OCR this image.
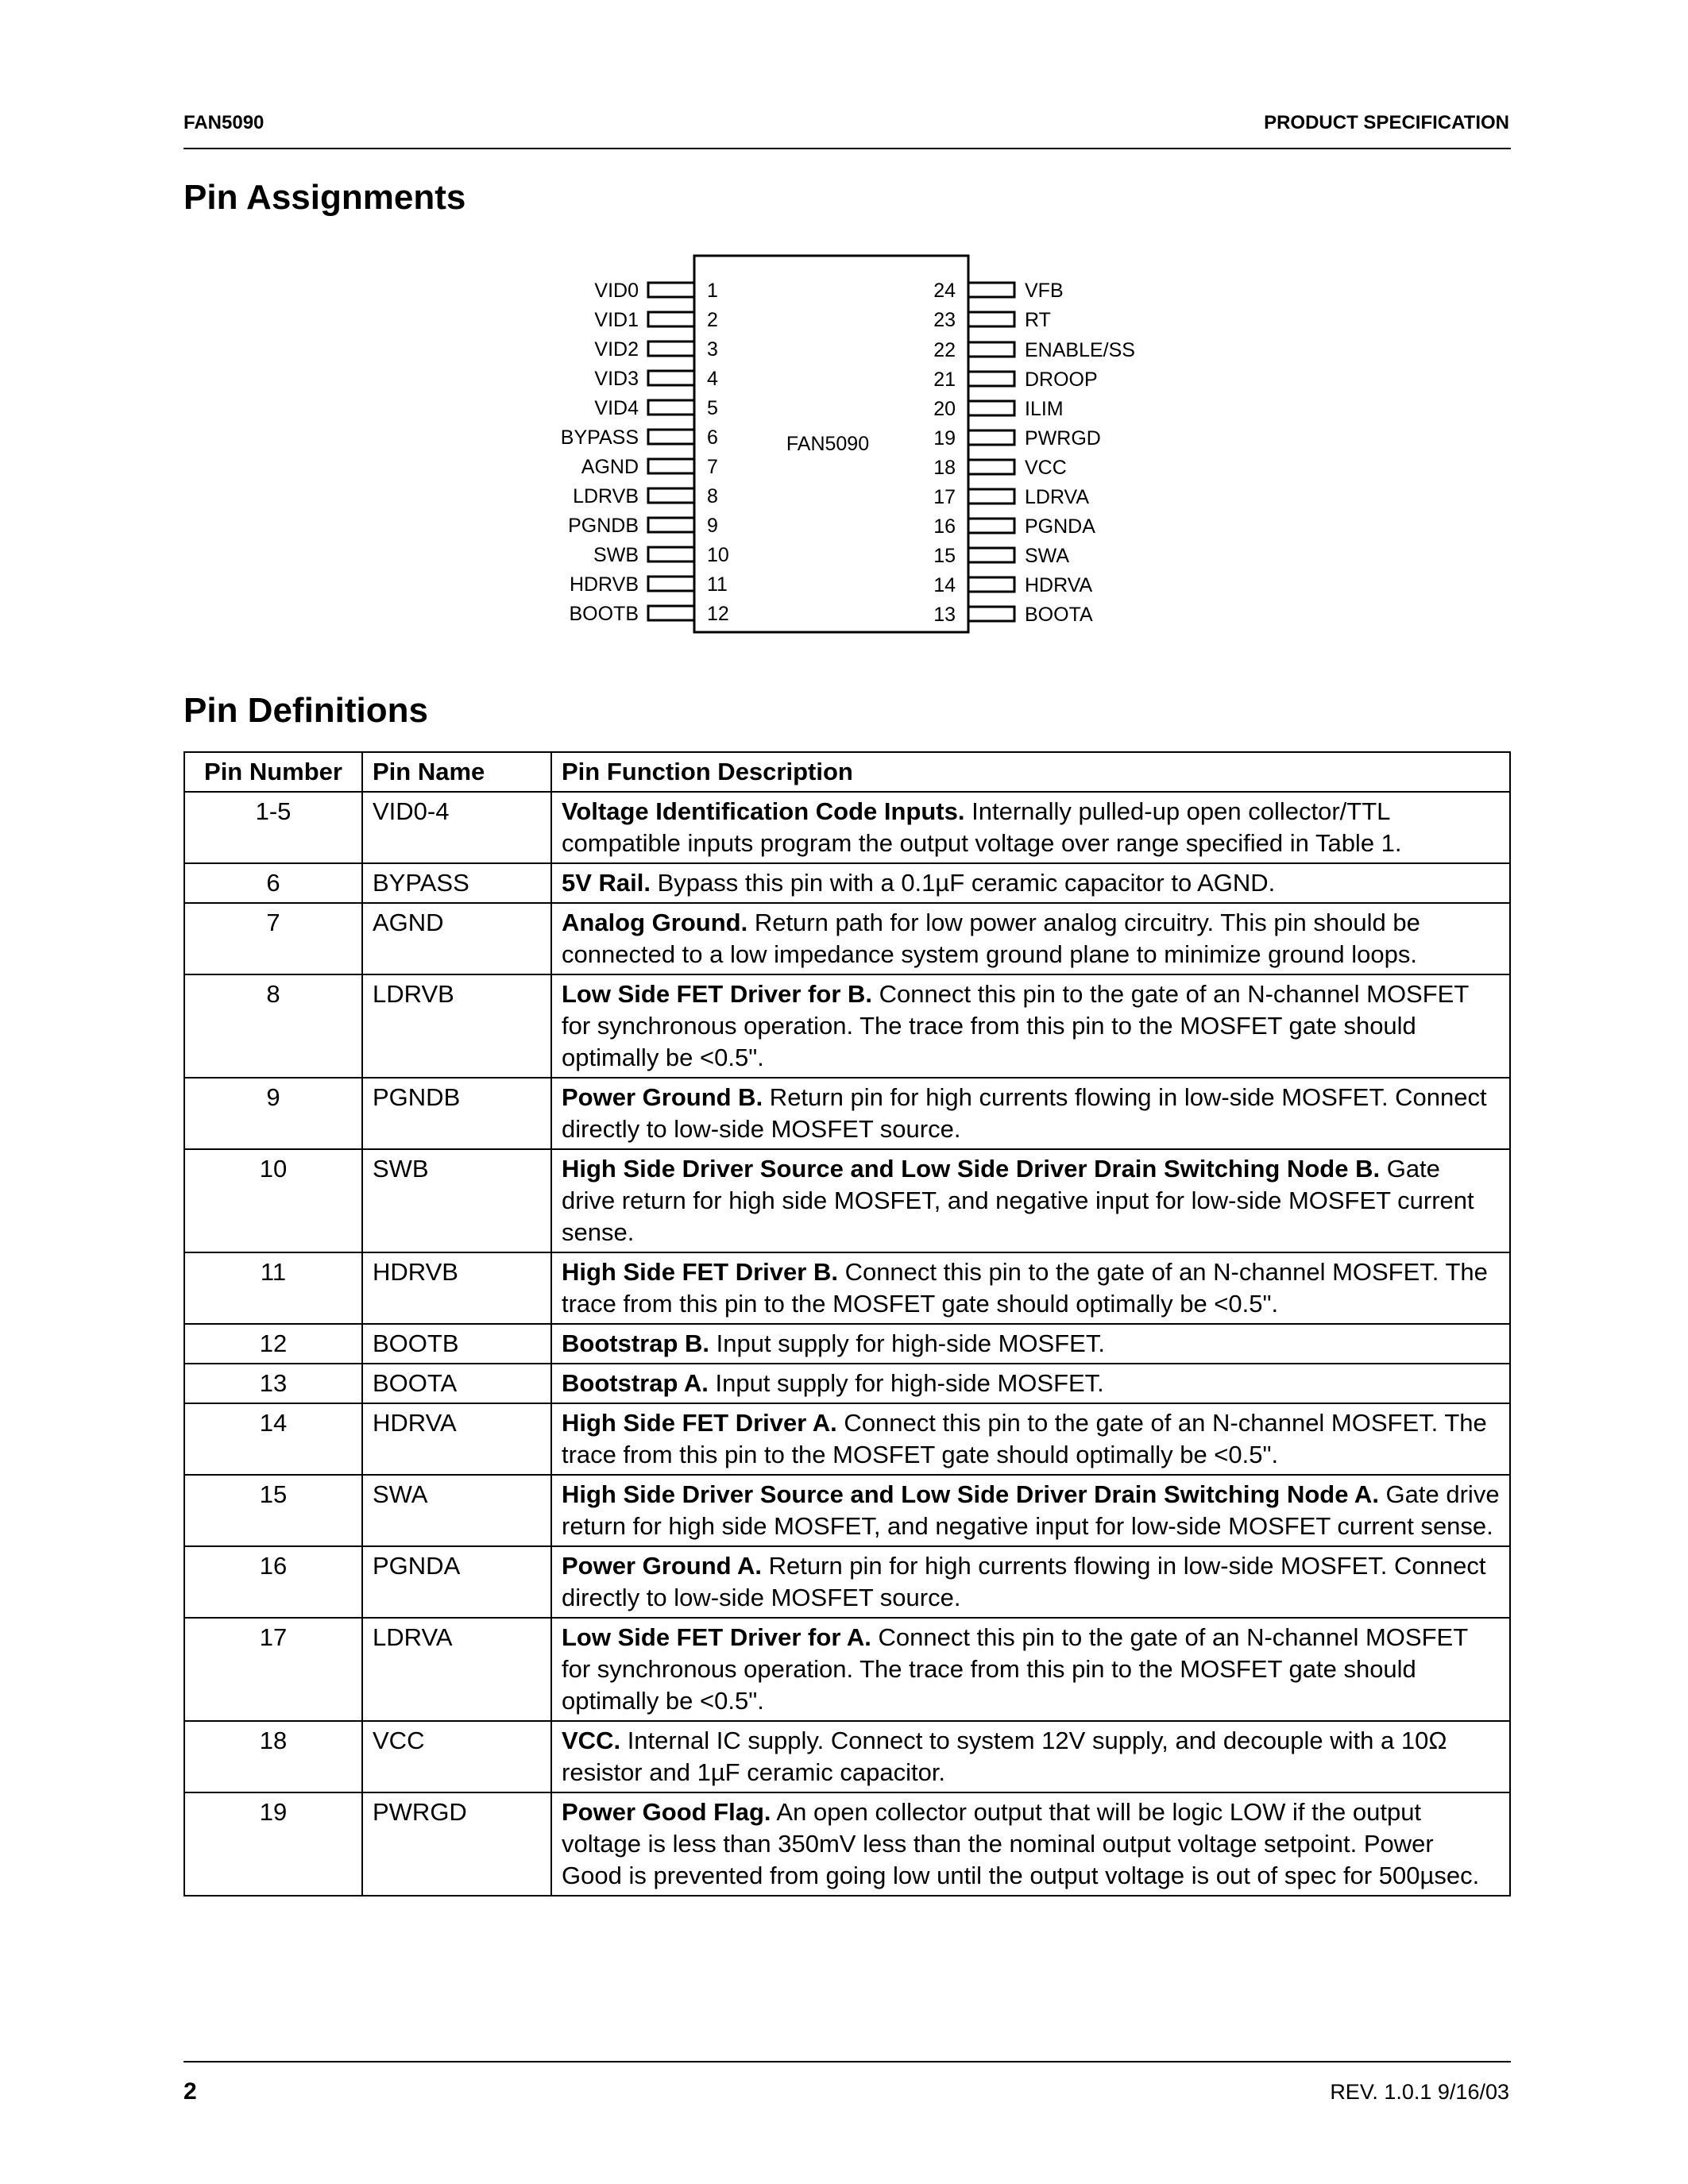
FAN5090	PRODUCT SPECIFICATION
Pin Assignments
FAN5090
VID0	1
VID1	2
VID2	3
VID3	4
VID4	5
BYPASS	6
AGND	7
LDRVB	8
PGNDB	9
SWB	10
HDRVB	11
BOOTB	12
VFB
24
RT
23
ENABLE/SS
22
DROOP
21
ILIM
20
PWRGD
19
VCC
18
LDRVA
17
PGNDA
16
SWA
15
HDRVA
14
BOOTA
13
Pin Definitions
Pin Number	Pin Name	Pin Function Description
1-5	VID0-4	Voltage Identification Code Inputs. Internally pulled-up open collector/TTL compatible inputs program the output voltage over range specified in Table 1.
6	BYPASS	5V Rail. Bypass this pin with a 0.1µF ceramic capacitor to AGND.
7	AGND	Analog Ground. Return path for low power analog circuitry. This pin should be connected to a low impedance system ground plane to minimize ground loops.
8	LDRVB	Low Side FET Driver for B. Connect this pin to the gate of an N-channel MOSFET for synchronous operation. The trace from this pin to the MOSFET gate should optimally be <0.5".
9	PGNDB	Power Ground B. Return pin for high currents flowing in low-side MOSFET. Connect directly to low-side MOSFET source.
10	SWB	High Side Driver Source and Low Side Driver Drain Switching Node B. Gate drive return for high side MOSFET, and negative input for low-side MOSFET current sense.
11	HDRVB	High Side FET Driver B. Connect this pin to the gate of an N-channel MOSFET. The trace from this pin to the MOSFET gate should optimally be <0.5".
12	BOOTB	Bootstrap B. Input supply for high-side MOSFET.
13	BOOTA	Bootstrap A. Input supply for high-side MOSFET.
14	HDRVA	High Side FET Driver A. Connect this pin to the gate of an N-channel MOSFET. The trace from this pin to the MOSFET gate should optimally be <0.5".
15	SWA	High Side Driver Source and Low Side Driver Drain Switching Node A. Gate drive return for high side MOSFET, and negative input for low-side MOSFET current sense.
16	PGNDA	Power Ground A. Return pin for high currents flowing in low-side MOSFET. Connect directly to low-side MOSFET source.
17	LDRVA	Low Side FET Driver for A. Connect this pin to the gate of an N-channel MOSFET for synchronous operation. The trace from this pin to the MOSFET gate should optimally be <0.5".
18	VCC	VCC. Internal IC supply. Connect to system 12V supply, and decouple with a 10Ω resistor and 1µF ceramic capacitor.
19	PWRGD	Power Good Flag. An open collector output that will be logic LOW if the output voltage is less than 350mV less than the nominal output voltage setpoint. Power Good is prevented from going low until the output voltage is out of spec for 500µsec.
2	REV. 1.0.1 9/16/03
